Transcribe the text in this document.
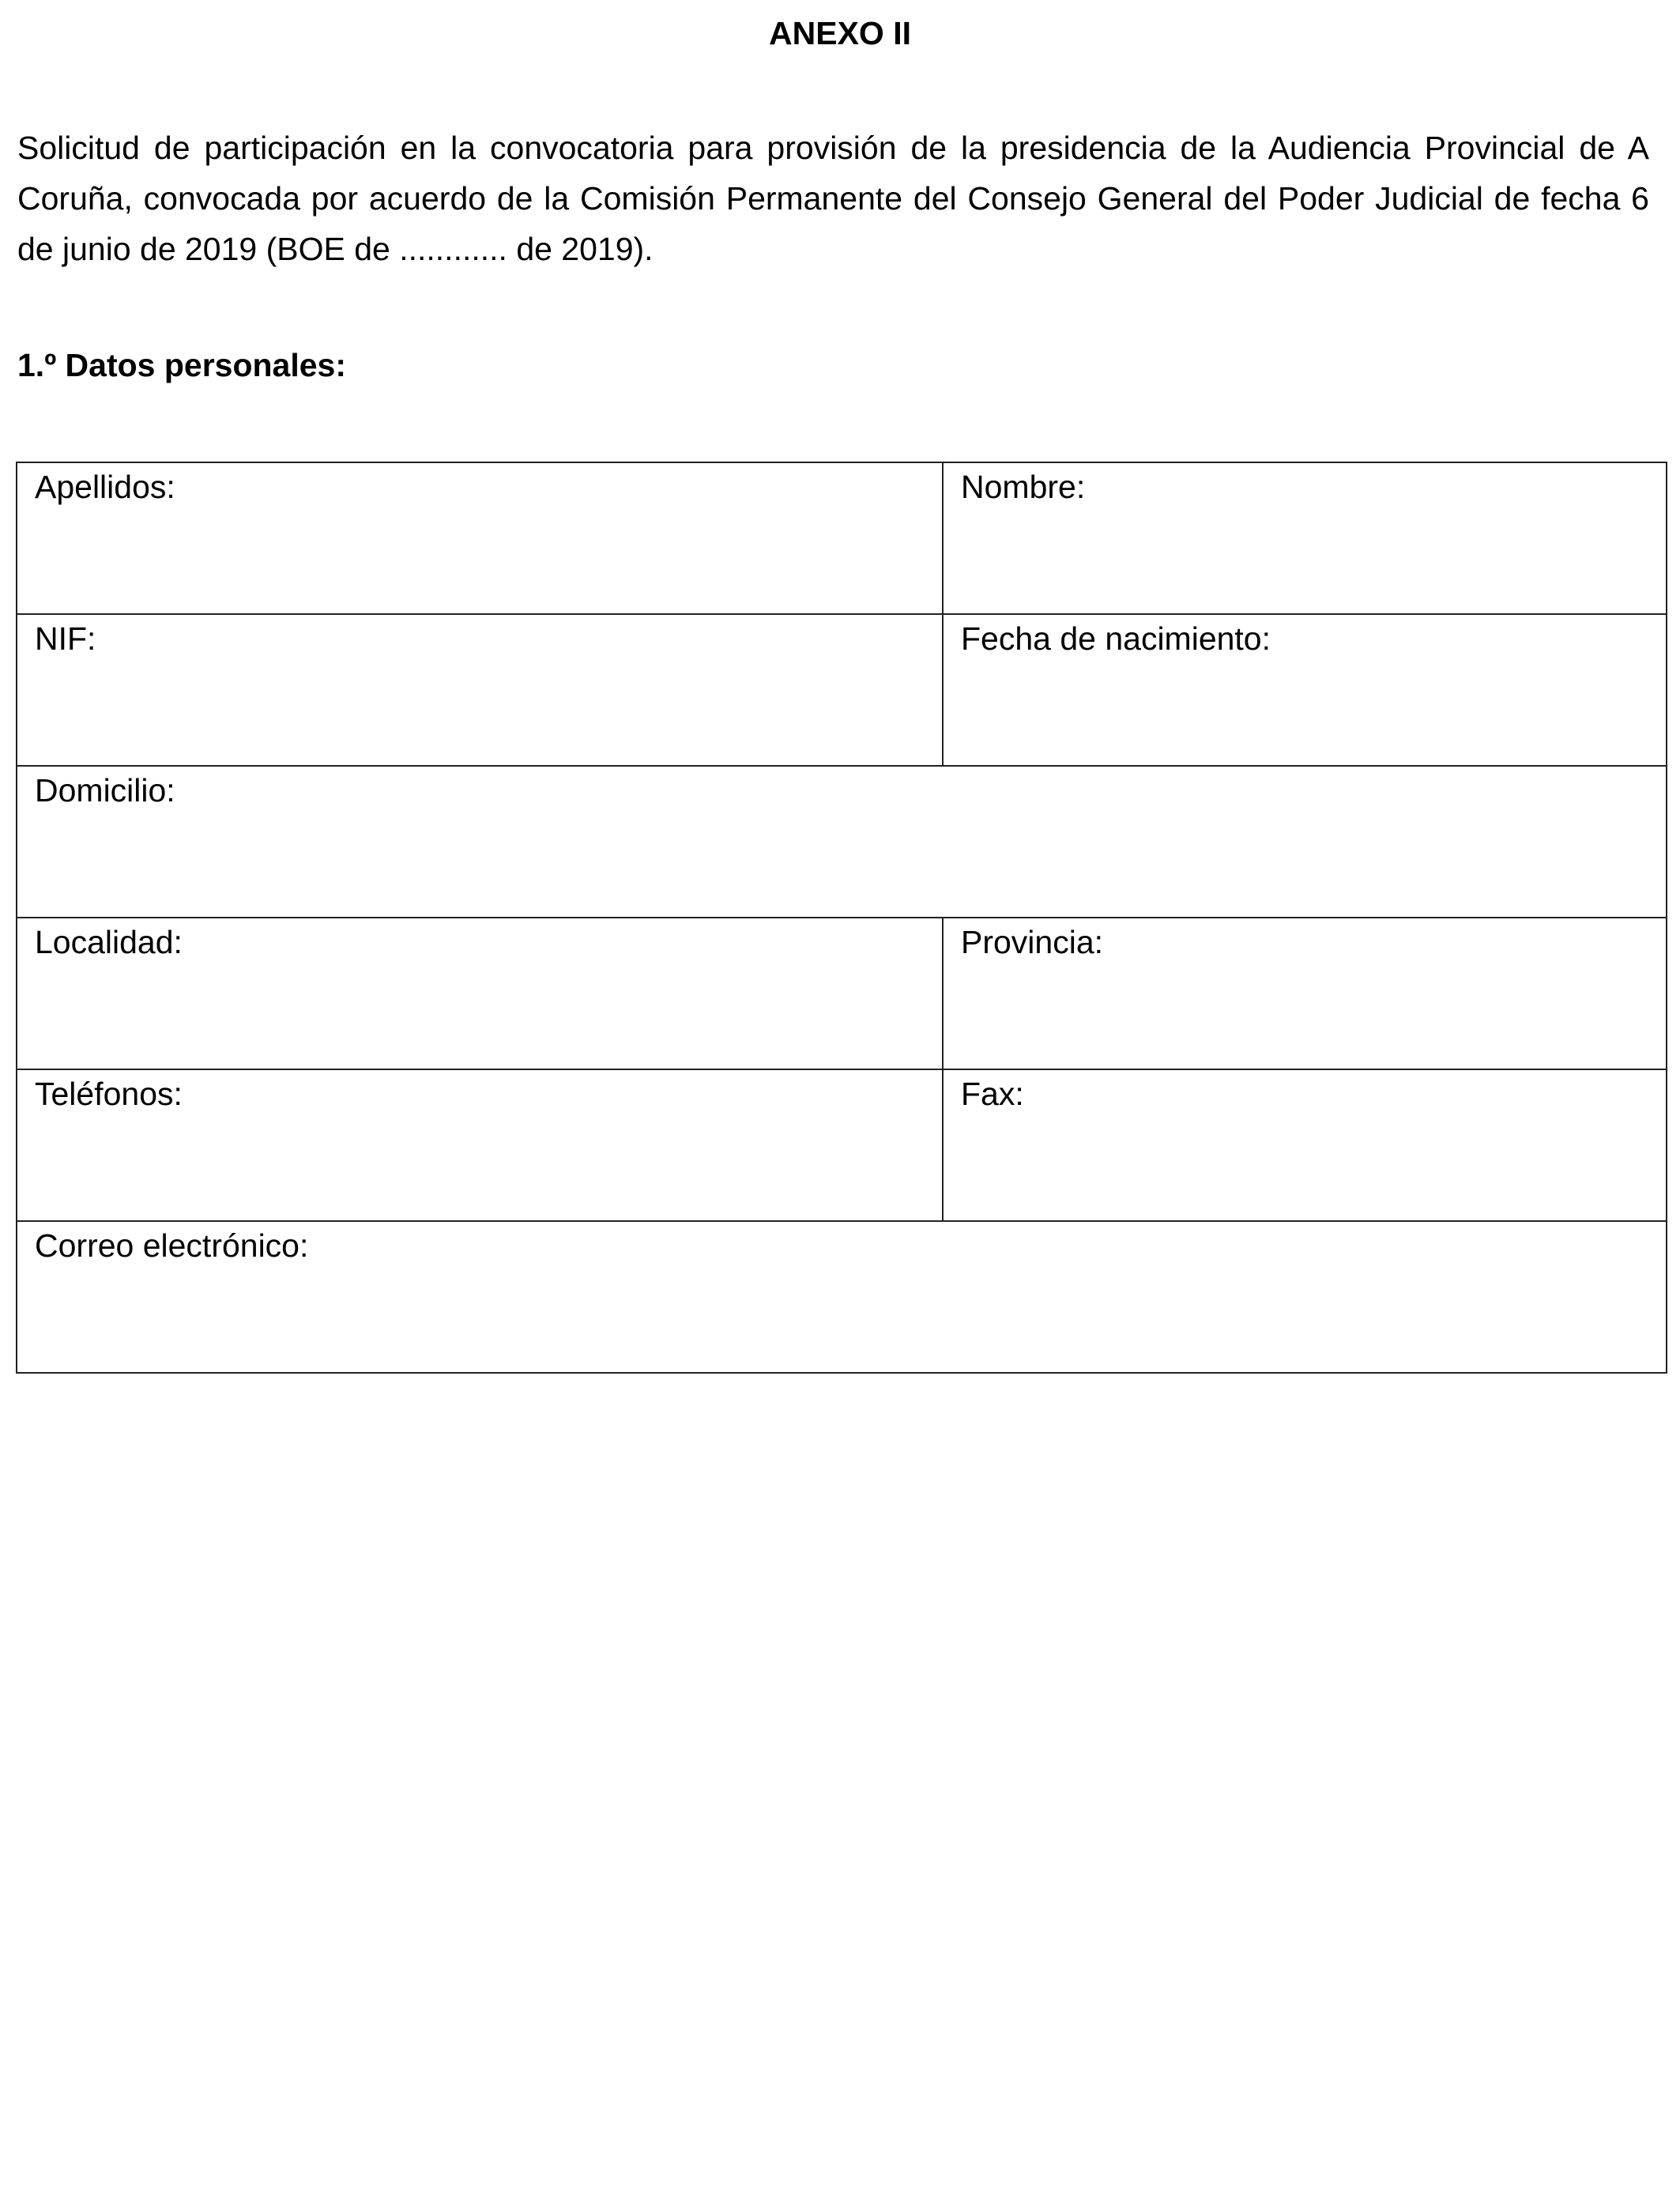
ANEXO II

Solicitud de participación en la convocatoria para provisión de la presidencia de la Audiencia Provincial de A Coruña, convocada por acuerdo de la Comisión Permanente del Consejo General del Poder Judicial de fecha 6 de junio de 2019 (BOE de ............ de 2019).

1.º Datos personales:
Apellidos:	Nombre:

NIF:	Fecha de nacimiento:

Domicilio:	

Localidad:	Provincia:

Teléfonos:	Fax:

Correo electrónico:	
